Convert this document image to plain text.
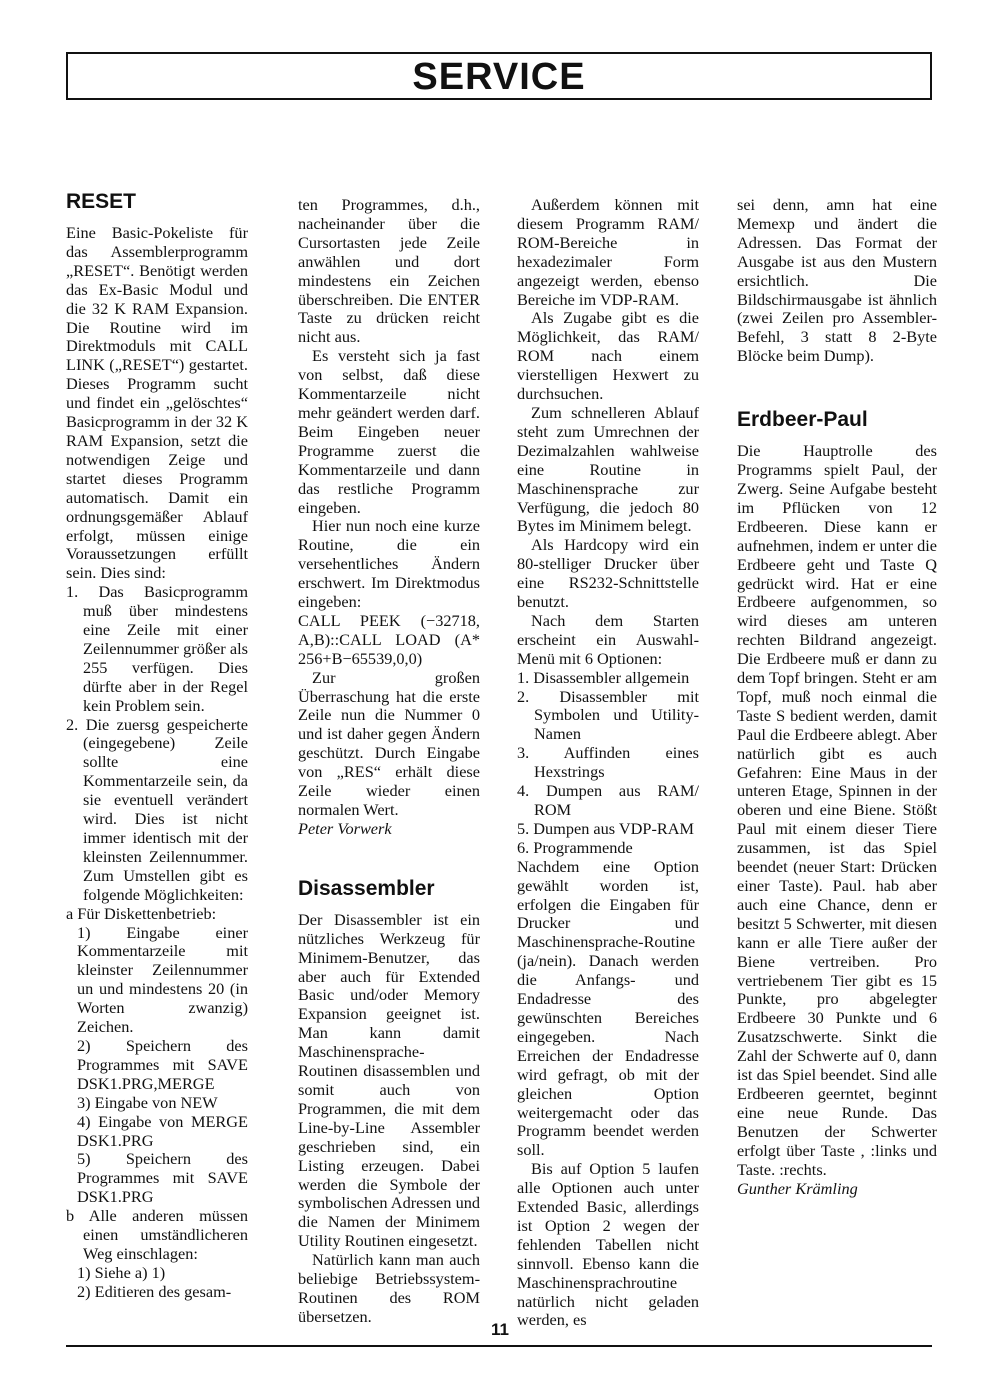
SERVICE
RESET

Eine Basic-Pokeliste für das Assemblerprogramm „RESET“. Benötigt werden das Ex-Basic Modul und die 32 K RAM Expansion. Die Routine wird im Direktmoduls mit CALL LINK („RESET“) gestartet. Dieses Programm sucht und findet ein „gelöschtes“ Basicprogramm in der 32 K RAM Expansion, setzt die notwendigen Zeige und startet dieses Programm automatisch. Damit ein ordnungsgemäßer Ablauf erfolgt, müssen einige Voraussetzungen erfüllt sein. Dies sind:

1. Das Basicprogramm muß über mindestens eine Zeile mit einer Zeilennummer größer als 255 verfügen. Dies dürfte aber in der Regel kein Problem sein.

2. Die zuersg gespeicherte (eingegebene) Zeile sollte eine Kommentarzeile sein, da sie eventuell verändert wird. Dies ist nicht immer identisch mit der kleinsten Zeilennummer. Zum Umstellen gibt es folgende Möglichkeiten:

a Für Diskettenbetrieb:

1) Eingabe einer Kommentarzeile mit kleinster Zeilennummer un und mindestens 20 (in Worten zwanzig) Zeichen.

2) Speichern des Programmes mit SAVE DSK1.PRG,MERGE

3) Eingabe von NEW

4) Eingabe von MERGE DSK1.PRG

5) Speichern des Programmes mit SAVE DSK1.PRG

b Alle anderen müssen einen umständlicheren Weg einschlagen:

1) Siehe a) 1)

2) Editieren des gesam-

ten Programmes, d.h., nacheinander über die Cursortasten jede Zeile anwählen und dort mindestens ein Zeichen überschreiben. Die ENTER Taste zu drücken reicht nicht aus.

Es versteht sich ja fast von selbst, daß diese Kommentarzeile nicht mehr geändert werden darf. Beim Eingeben neuer Programme zuerst die Kommentarzeile und dann das restliche Programm eingeben.

Hier nun noch eine kurze Routine, die ein versehentliches Ändern erschwert. Im Direktmodus eingeben:

CALL PEEK (−32718, A,B)::CALL LOAD (A* 256+B−65539,0,0)

Zur großen Überraschung hat die erste Zeile nun die Nummer 0 und ist daher gegen Ändern geschützt. Durch Eingabe von „RES“ erhält diese Zeile wieder einen normalen Wert.

Peter Vorwerk

Disassembler

Der Disassembler ist ein nützliches Werkzeug für Minimem-Benutzer, das aber auch für Extended Basic und/oder Memory Expansion geeignet ist. Man kann damit Maschinensprache-Routinen disassemblen und somit auch von Programmen, die mit dem Line-by-Line Assembler geschrieben sind, ein Listing erzeugen. Dabei werden die Symbole der symbolischen Adressen und die Namen der Minimem Utility Routinen eingesetzt.

Natürlich kann man auch beliebige Betriebssystem-Routinen des ROM übersetzen.

Außerdem können mit diesem Programm RAM/ ROM-Bereiche in hexadezimaler Form angezeigt werden, ebenso Bereiche im VDP-RAM.

Als Zugabe gibt es die Möglichkeit, das RAM/ ROM nach einem vierstelligen Hexwert zu durchsuchen.

Zum schnelleren Ablauf steht zum Umrechnen der Dezimalzahlen wahlweise eine Routine in Maschinensprache zur Verfügung, die jedoch 80 Bytes im Minimem belegt.

Als Hardcopy wird ein 80-stelliger Drucker über eine RS232-Schnittstelle benutzt.

Nach dem Starten erscheint ein Auswahl-Menü mit 6 Optionen:

1. Disassembler allgemein

2. Disassembler mit Symbolen und Utility-Namen

3. Auffinden eines Hexstrings

4. Dumpen aus RAM/ ROM

5. Dumpen aus VDP-RAM

6. Programmende

Nachdem eine Option gewählt worden ist, erfolgen die Eingaben für Drucker und Maschinensprache-Routine (ja/nein). Danach werden die Anfangs- und Endadresse des gewünschten Bereiches eingegeben. Nach Erreichen der Endadresse wird gefragt, ob mit der gleichen Option weitergemacht oder das Programm beendet werden soll.

Bis auf Option 5 laufen alle Optionen auch unter Extended Basic, allerdings ist Option 2 wegen der fehlenden Tabellen nicht sinnvoll. Ebenso kann die Maschinensprachroutine natürlich nicht geladen werden, es

sei denn, amn hat eine Memexp und ändert die Adressen. Das Format der Ausgabe ist aus den Mustern ersichtlich. Die Bildschirmausgabe ist ähnlich (zwei Zeilen pro Assembler-Befehl, 3 statt 8 2-Byte Blöcke beim Dump).

Erdbeer-Paul

Die Hauptrolle des Programms spielt Paul, der Zwerg. Seine Aufgabe besteht im Pflücken von 12 Erdbeeren. Diese kann er aufnehmen, indem er unter die Erdbeere geht und Taste Q gedrückt wird. Hat er eine Erdbeere aufgenommen, so wird dieses am unteren rechten Bildrand angezeigt. Die Erdbeere muß er dann zu dem Topf bringen. Steht er am Topf, muß noch einmal die Taste S bedient werden, damit Paul die Erdbeere ablegt. Aber natürlich gibt es auch Gefahren: Eine Maus in der unteren Etage, Spinnen in der oberen und eine Biene. Stößt Paul mit einem dieser Tiere zusammen, ist das Spiel beendet (neuer Start: Drücken einer Taste). Paul. hab aber auch eine Chance, denn er besitzt 5 Schwerter, mit diesen kann er alle Tiere außer der Biene vertreiben. Pro vertriebenem Tier gibt es 15 Punkte, pro abgelegter Erdbeere 30 Punkte und 6 Zusatzschwerte. Sinkt die Zahl der Schwerte auf 0, dann ist das Spiel beendet. Sind alle Erdbeeren geerntet, beginnt eine neue Runde. Das Benutzen der Schwerter erfolgt über Taste , :links und Taste. :rechts.

Gunther Krämling

11
